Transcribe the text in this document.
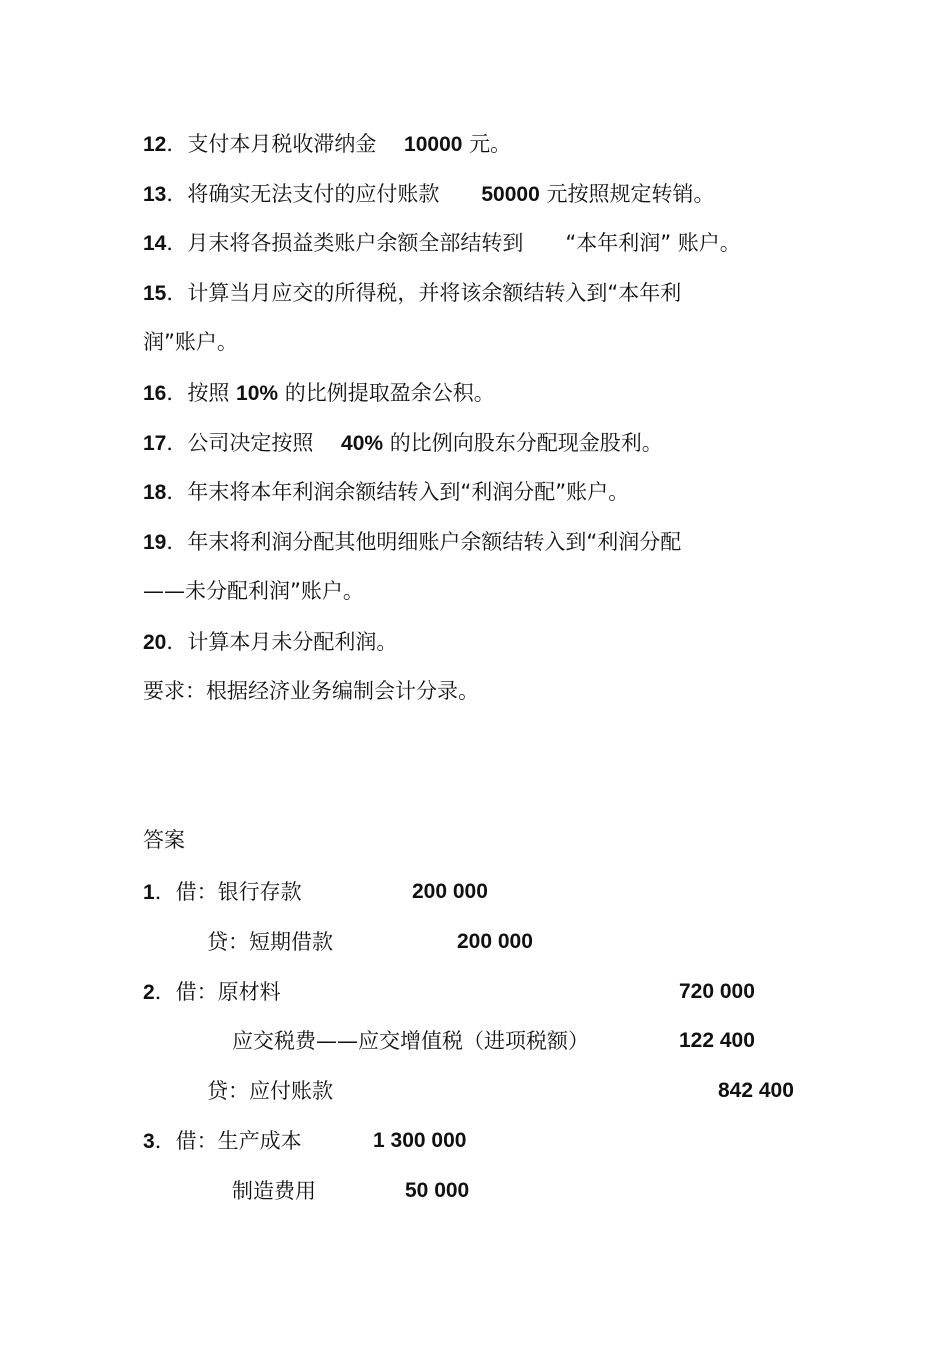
12．支付本月税收滞纳金　 10000 元。
13．将确实无法支付的应付账款　　50000 元按照规定转销。
14．月末将各损益类账户余额全部结转到　　“本年利润” 账户。
15．计算当月应交的所得税，并将该余额结转入到“本年利
润”账户。
16．按照 10% 的比例提取盈余公积。
17．公司决定按照　 40% 的比例向股东分配现金股利。
18．年末将本年利润余额结转入到“利润分配”账户。
19．年末将利润分配其他明细账户余额结转入到“利润分配
——未分配利润”账户。
20．计算本月未分配利润。
要求：根据经济业务编制会计分录。
答案
1．借：银行存款	200 000
贷：短期借款	200 000
2．借：原材料	720 000
应交税费——应交增值税（进项税额）	122 400
贷：应付账款	842 400
3．借：生产成本	1 300 000
制造费用	50 000
